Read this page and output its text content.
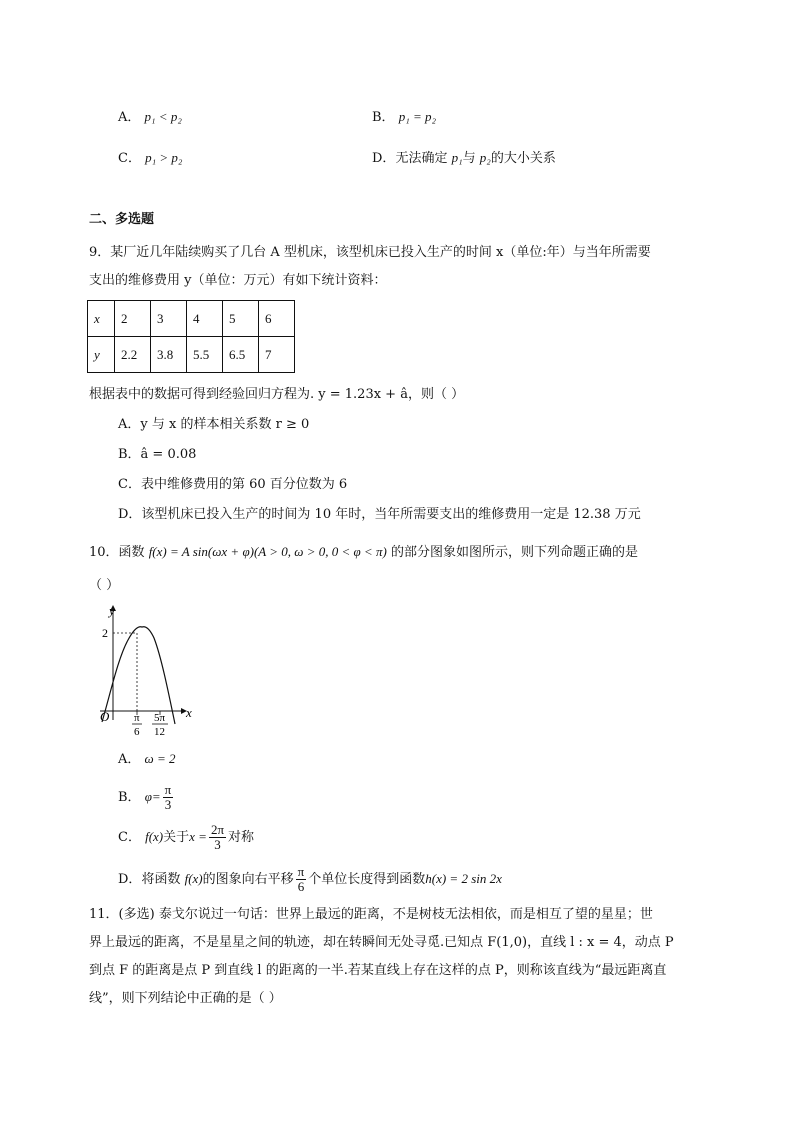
A． p₁ < p₂	B． p₁ = p₂
C． p₁ > p₂	D．无法确定 p₁与 p₂的大小关系
二、多选题
9．某厂近几年陆续购买了几台 A 型机床，该型机床已投入生产的时间 x（单位:年）与当年所需要
支出的维修费用 y（单位：万元）有如下统计资料：
x	2	3	4	5	6
y	2.2	3.8	5.5	6.5	7
根据表中的数据可得到经验回归方程为. y = 1.23x + â，则（ ）
A．y 与 x 的样本相关系数 r ≥ 0
B．â = 0.08
C．表中维修费用的第 60 百分位数为 6
D．该型机床已投入生产的时间为 10 年时，当年所需要支出的维修费用一定是 12.38 万元
10．函数 f(x) = A sin(ωx + φ)(A > 0, ω > 0, 0 < φ < π) 的部分图象如图所示，则下列命题正确的是
（ ）
y
x
O
2
π
6
5π
12
A． ω = 2
B． $\varphi= \frac{\pi}{3}$
C． f(x)关于$x = \frac{2\pi}{3}$ 对称
D．将函数 f(x)的图象向右平移 $\frac{\pi}{6}$ 个单位长度得到函数h(x) = 2 sin 2x
11．(多选) 泰戈尔说过一句话：世界上最远的距离，不是树枝无法相依，而是相互了望的星星；世
界上最远的距离，不是星星之间的轨迹，却在转瞬间无处寻觅.已知点 F(1,0)，直线 l : x = 4，动点 P
到点 F 的距离是点 P 到直线 l 的距离的一半.若某直线上存在这样的点 P，则称该直线为“最远距离直
线”，则下列结论中正确的是（ ）
